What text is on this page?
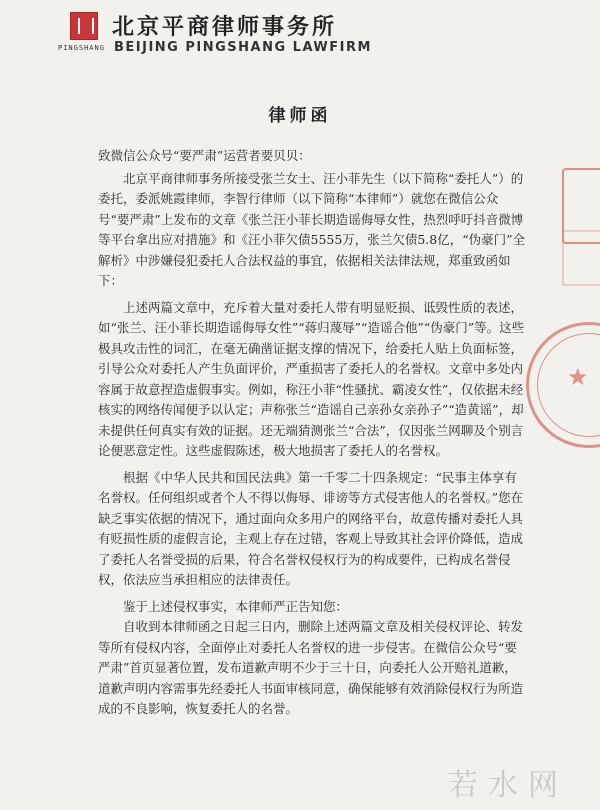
PINGSHANG
北京平商律师事务所
BEIJING PINGSHANG LAWFIRM
律师函

致微信公众号“要严肃”运营者要贝贝：

北京平商律师事务所接受张兰女士、汪小菲先生（以下简称“委托人”）的委托，委派姚霞律师，李智行律师（以下简称“本律师”）就您在微信公众号“要严肃”上发布的文章《张兰汪小菲长期造谣侮辱女性，热烈呼吁抖音微博等平台拿出应对措施》和《汪小菲欠债5555万，张兰欠债5.8亿，“伪豪门”全解析》中涉嫌侵犯委托人合法权益的事宜，依据相关法律法规，郑重致函如下：

上述两篇文章中，充斥着大量对委托人带有明显贬损、诋毁性质的表述，如“张兰、汪小菲长期造谣侮辱女性”“蒋归蔑辱”“造谣合他”“伪豪门”等。这些极具攻击性的词汇，在毫无确凿证据支撑的情况下，给委托人贴上负面标签，引导公众对委托人产生负面评价，严重损害了委托人的名誉权。文章中多处内容属于故意捏造虚假事实。例如，称汪小菲“性骚扰、霸凌女性”，仅依据未经核实的网络传闻便予以认定；声称张兰“造谣自己亲孙女亲孙子”“造黄谣”，却未提供任何真实有效的证据。还无端猜测张兰“合法”，仅因张兰网聊及个别言论便恶意定性。这些虚假陈述，极大地损害了委托人的名誉权。

根据《中华人民共和国民法典》第一千零二十四条规定：“民事主体享有名誉权。任何组织或者个人不得以侮辱、诽谤等方式侵害他人的名誉权。”您在缺乏事实依据的情况下，通过面向众多用户的网络平台，故意传播对委托人具有贬损性质的虚假言论，主观上存在过错，客观上导致其社会评价降低，造成了委托人名誉受损的后果，符合名誉权侵权行为的构成要件，已构成名誉侵权，依法应当承担相应的法律责任。

鉴于上述侵权事实，本律师严正告知您：

自收到本律师函之日起三日内，删除上述两篇文章及相关侵权评论、转发等所有侵权内容，全面停止对委托人名誉权的进一步侵害。在微信公众号“要严肃”首页显著位置，发布道歉声明不少于三十日，向委托人公开赔礼道歉，道歉声明内容需事先经委托人书面审核同意，确保能够有效消除侵权行为所造成的不良影响，恢复委托人的名誉。

★
若水网
